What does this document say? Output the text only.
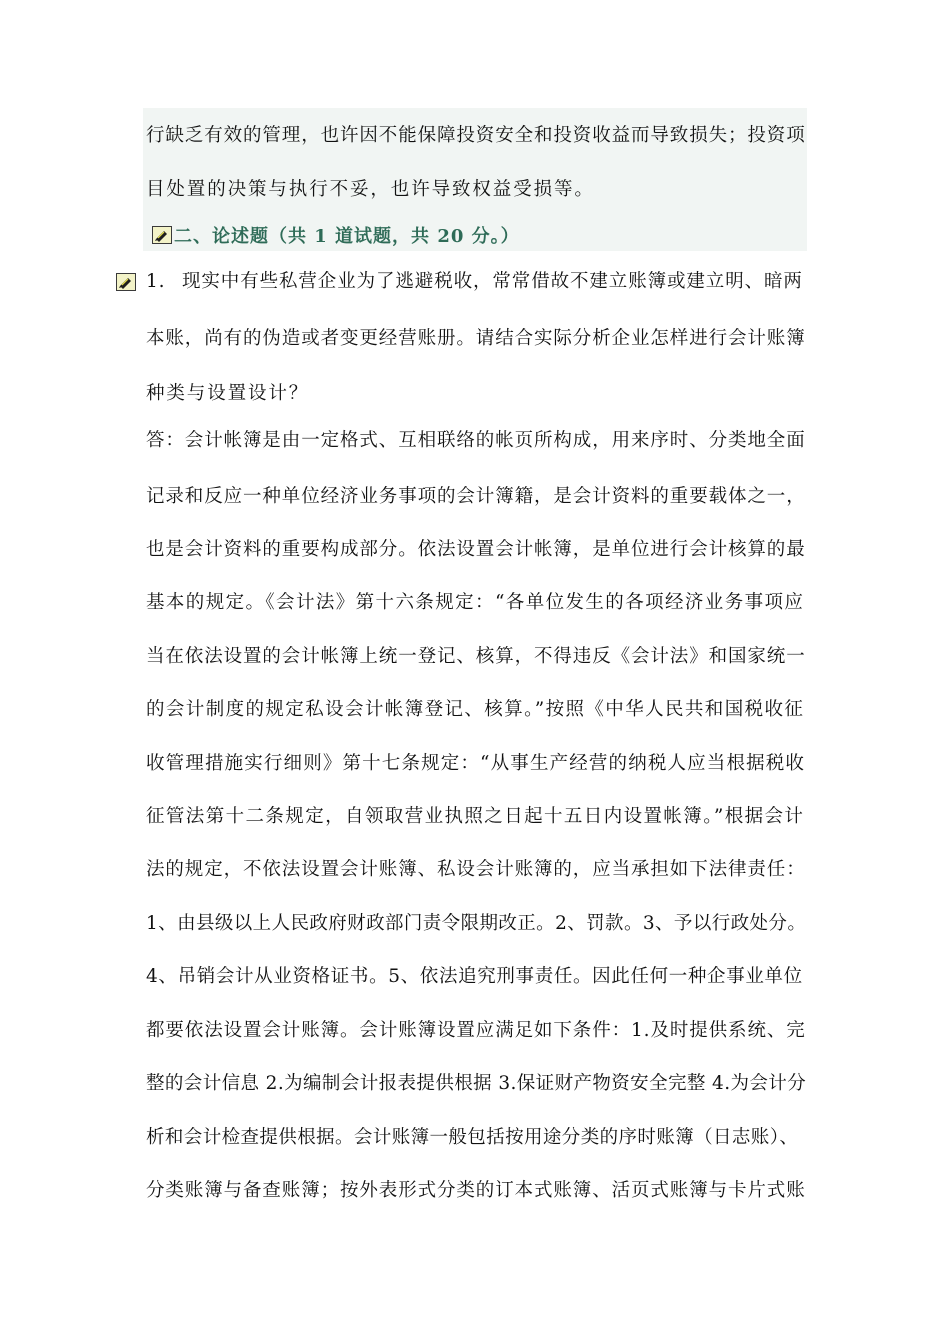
行缺乏有效的管理，也许因不能保障投资安全和投资收益而导致损失；投资项
目处置的决策与执行不妥，也许导致权益受损等。
二、论述题（共 1 道试题，共 20 分。）
1. 现实中有些私营企业为了逃避税收，常常借故不建立账簿或建立明、暗两
本账，尚有的伪造或者变更经营账册。请结合实际分析企业怎样进行会计账簿
种类与设置设计？
答：会计帐簿是由一定格式、互相联络的帐页所构成，用来序时、分类地全面
记录和反应一种单位经济业务事项的会计簿籍，是会计资料的重要载体之一，
也是会计资料的重要构成部分。依法设置会计帐簿，是单位进行会计核算的最
基本的规定。《会计法》第十六条规定：“各单位发生的各项经济业务事项应
当在依法设置的会计帐簿上统一登记、核算，不得违反《会计法》和国家统一
的会计制度的规定私设会计帐簿登记、核算。”按照《中华人民共和国税收征
收管理措施实行细则》第十七条规定：“从事生产经营的纳税人应当根据税收
征管法第十二条规定，自领取营业执照之日起十五日内设置帐簿。”根据会计
法的规定，不依法设置会计账簿、私设会计账簿的，应当承担如下法律责任：
1、由县级以上人民政府财政部门责令限期改正。2、罚款。3、予以行政处分。
4、吊销会计从业资格证书。5、依法追究刑事责任。因此任何一种企事业单位
都要依法设置会计账簿。会计账簿设置应满足如下条件：1.及时提供系统、完
整的会计信息 2.为编制会计报表提供根据 3.保证财产物资安全完整 4.为会计分
析和会计检查提供根据。会计账簿一般包括按用途分类的序时账簿（日志账）、
分类账簿与备查账簿；按外表形式分类的订本式账簿、活页式账簿与卡片式账
